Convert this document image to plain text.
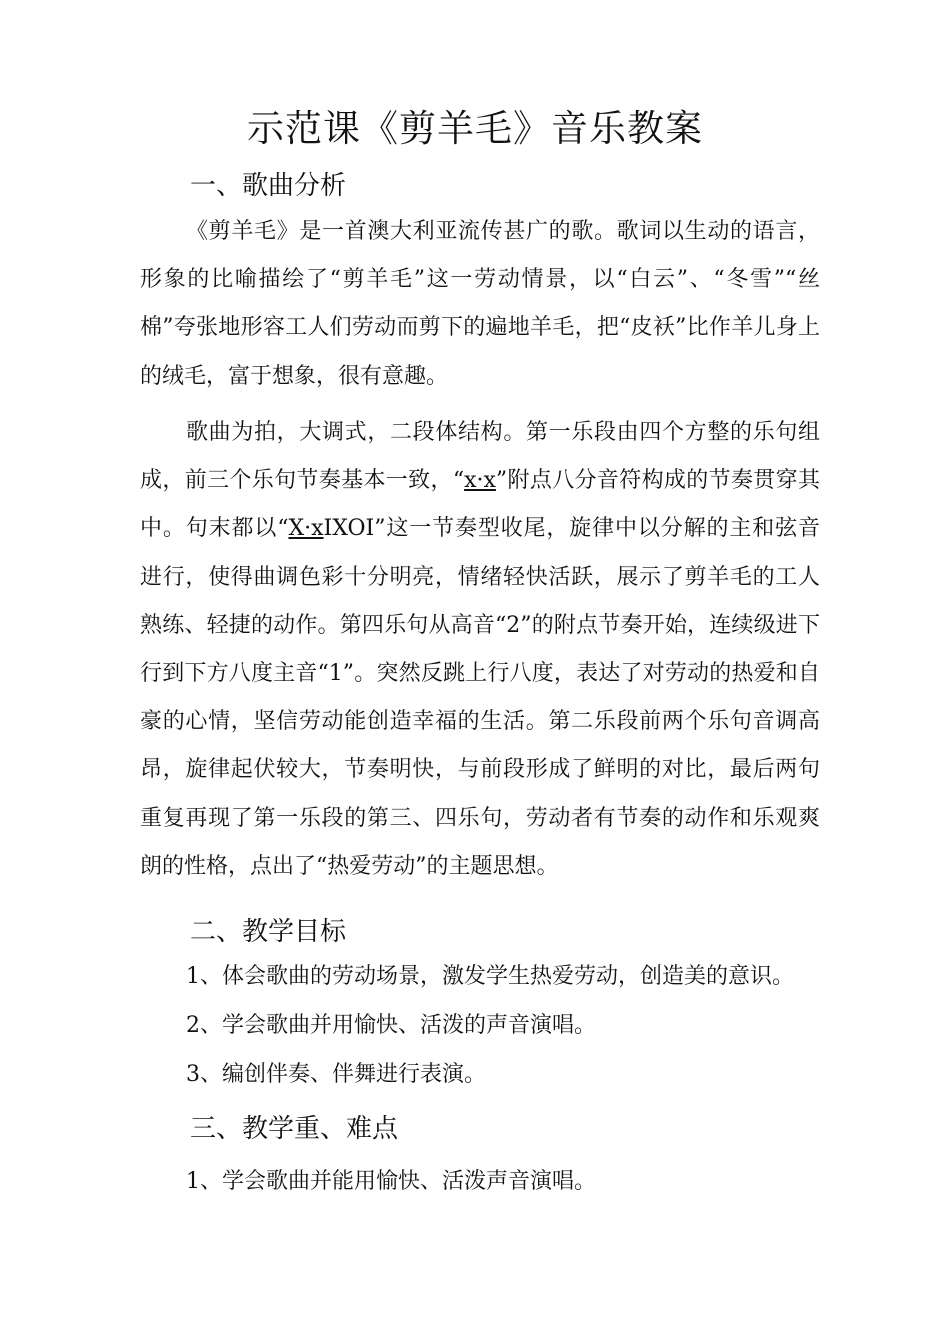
示范课《剪羊毛》音乐教案
一、歌曲分析
《剪羊毛》是一首澳大利亚流传甚广的歌。歌词以生动的语言，形象的比喻描绘了“剪羊毛”这一劳动情景，以“白云”、“冬雪”“丝棉”夸张地形容工人们劳动而剪下的遍地羊毛，把“皮袄”比作羊儿身上的绒毛，富于想象，很有意趣。
歌曲为拍，大调式，二段体结构。第一乐段由四个方整的乐句组成，前三个乐句节奏基本一致，“x·x”附点八分音符构成的节奏贯穿其中。句末都以“X·xIXOI”这一节奏型收尾，旋律中以分解的主和弦音进行，使得曲调色彩十分明亮，情绪轻快活跃，展示了剪羊毛的工人熟练、轻捷的动作。第四乐句从高音“2”的附点节奏开始，连续级进下行到下方八度主音“1”。突然反跳上行八度，表达了对劳动的热爱和自豪的心情，坚信劳动能创造幸福的生活。第二乐段前两个乐句音调高昂，旋律起伏较大，节奏明快，与前段形成了鲜明的对比，最后两句重复再现了第一乐段的第三、四乐句，劳动者有节奏的动作和乐观爽朗的性格，点出了“热爱劳动”的主题思想。
二、教学目标
1、体会歌曲的劳动场景，激发学生热爱劳动，创造美的意识。
2、学会歌曲并用愉快、活泼的声音演唱。
3、编创伴奏、伴舞进行表演。
三、教学重、难点
1、学会歌曲并能用愉快、活泼声音演唱。
